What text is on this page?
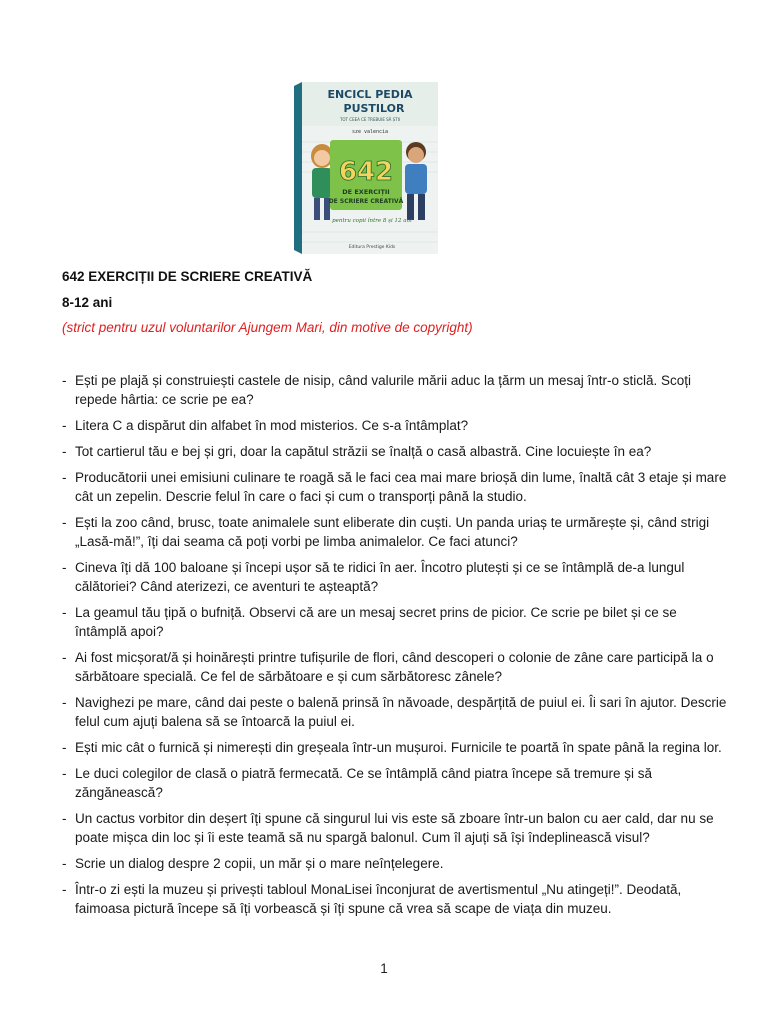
ENCICL PEDIA
PUSTILOR
TOT CEEA CE TREBUIE SĂ ȘTII
sze valencia
642
DE EXERCIȚII
DE SCRIERE CREATIVĂ
pentru copii între 8 și 12 ani
Editura Prestige Kids

642 EXERCIȚII DE SCRIERE CREATIVĂ

8-12 ani

(strict pentru uzul voluntarilor Ajungem Mari, din motive de copyright)

- Ești pe plajă și construiești castele de nisip, când valurile mării aduc la țărm un mesaj într-o sticlă. Scoți repede hârtia: ce scrie pe ea?
- Litera C a dispărut din alfabet în mod misterios. Ce s-a întâmplat?
- Tot cartierul tău e bej și gri, doar la capătul străzii se înalță o casă albastră. Cine locuiește în ea?
- Producătorii unei emisiuni culinare te roagă să le faci cea mai mare brioșă din lume, înaltă cât 3 etaje și mare cât un zepelin. Descrie felul în care o faci și cum o transporți până la studio.
- Ești la zoo când, brusc, toate animalele sunt eliberate din cuști. Un panda uriaș te urmărește și, când strigi „Lasă-mă!”, îți dai seama că poți vorbi pe limba animalelor. Ce faci atunci?
- Cineva îți dă 100 baloane și începi ușor să te ridici în aer. Încotro plutești și ce se întâmplă de-a lungul călătoriei? Când aterizezi, ce aventuri te așteaptă?
- La geamul tău țipă o bufniță. Observi că are un mesaj secret prins de picior. Ce scrie pe bilet și ce se întâmplă apoi?
- Ai fost micșorat/ă și hoinărești printre tufișurile de flori, când descoperi o colonie de zâne care participă la o sărbătoare specială. Ce fel de sărbătoare e și cum sărbătoresc zânele?
- Navighezi pe mare, când dai peste o balenă prinsă în năvoade, despărțită de puiul ei. Îi sari în ajutor. Descrie felul cum ajuți balena să se întoarcă la puiul ei.
- Ești mic cât o furnică și nimerești din greșeala într-un mușuroi. Furnicile te poartă în spate până la regina lor.
- Le duci colegilor de clasă o piatră fermecată. Ce se întâmplă când piatra începe să tremure și să zăngănească?
- Un cactus vorbitor din deșert îți spune că singurul lui vis este să zboare într-un balon cu aer cald, dar nu se poate mișca din loc și îi este teamă să nu spargă balonul. Cum îl ajuți să își îndeplinească visul?
- Scrie un dialog despre 2 copii, un măr și o mare neînțelegere.
- Într-o zi ești la muzeu și privești tabloul MonaLisei înconjurat de avertismentul „Nu atingeți!”. Deodată, faimoasa pictură începe să îți vorbească și îți spune că vrea să scape de viața din muzeu.
1
